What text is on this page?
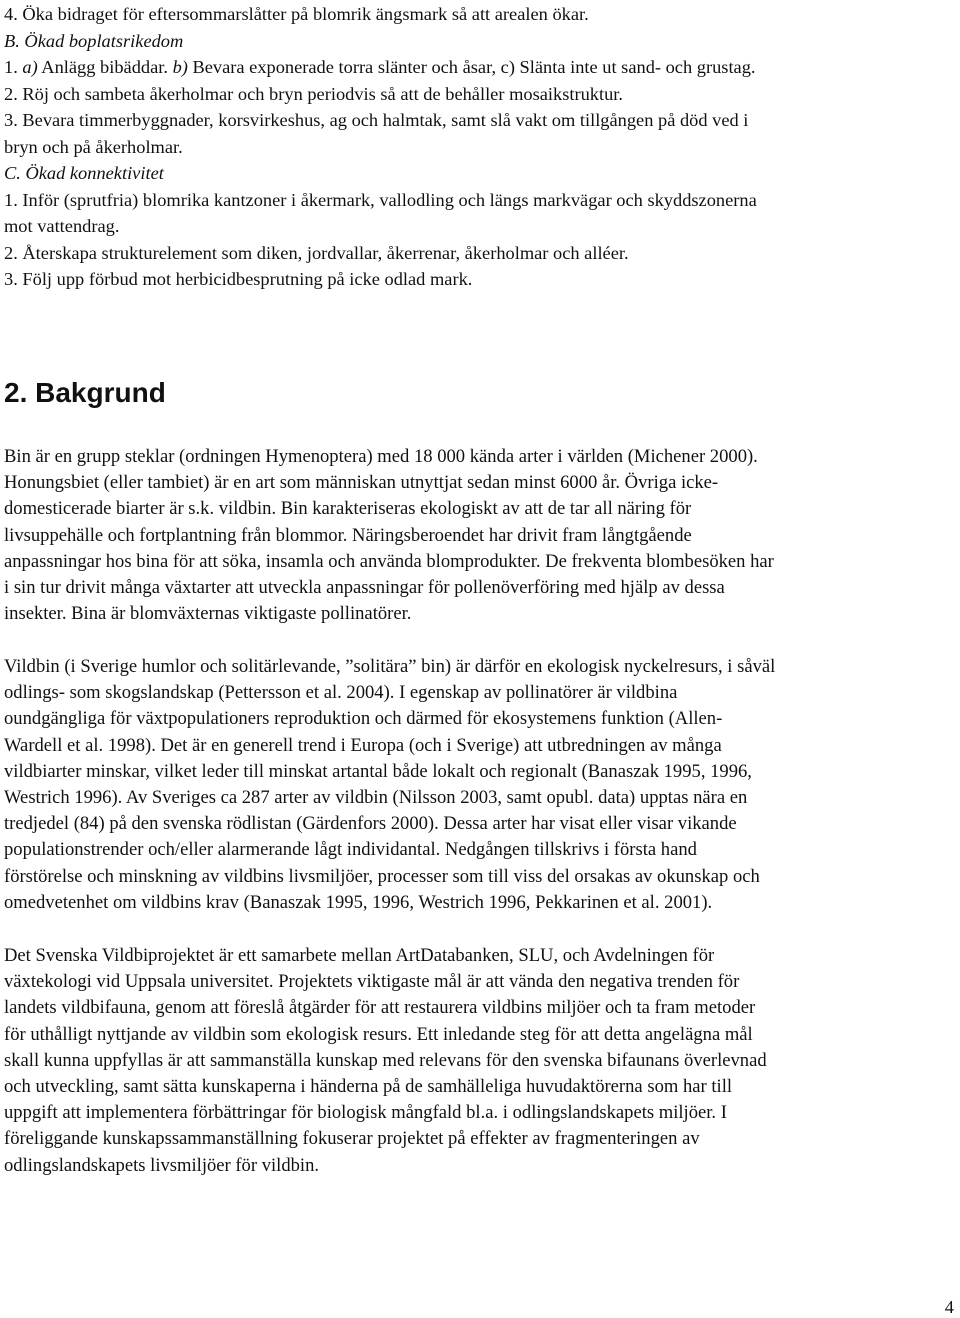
4. Öka bidraget för eftersommarslåtter på blomrik ängsmark så att arealen ökar.
B. Ökad boplatsrikedom
1. a) Anlägg bibäddar. b) Bevara exponerade torra slänter och åsar, c) Slänta inte ut sand- och grustag.
2. Röj och sambeta åkerholmar och bryn periodvis så att de behåller mosaikstruktur.
3. Bevara timmerbyggnader, korsvirkeshus, ag och halmtak, samt slå vakt om tillgången på död ved i
bryn och på åkerholmar.
C. Ökad konnektivitet
1. Inför (sprutfria) blomrika kantzoner i åkermark, vallodling och längs markvägar och skyddszonerna
mot vattendrag.
2. Återskapa strukturelement som diken, jordvallar, åkerrenar, åkerholmar och alléer.
3. Följ upp förbud mot herbicidbesprutning på icke odlad mark.
2. Bakgrund
Bin är en grupp steklar (ordningen Hymenoptera) med 18 000 kända arter i världen (Michener 2000).
Honungsbiet (eller tambiet) är en art som människan utnyttjat sedan minst 6000 år. Övriga icke-
domesticerade biarter är s.k. vildbin. Bin karakteriseras ekologiskt av att de tar all näring för
livsuppehälle och fortplantning från blommor. Näringsberoendet har drivit fram långtgående
anpassningar hos bina för att söka, insamla och använda blomprodukter. De frekventa blombesöken har
i sin tur drivit många växtarter att utveckla anpassningar för pollenöverföring med hjälp av dessa
insekter. Bina är blomväxternas viktigaste pollinatörer.
Vildbin (i Sverige humlor och solitärlevande, ”solitära” bin) är därför en ekologisk nyckelresurs, i såväl
odlings- som skogslandskap (Pettersson et al. 2004). I egenskap av pollinatörer är vildbina
oundgängliga för växtpopulationers reproduktion och därmed för ekosystemens funktion (Allen-
Wardell et al. 1998). Det är en generell trend i Europa (och i Sverige) att utbredningen av många
vildbiarter minskar, vilket leder till minskat artantal både lokalt och regionalt (Banaszak 1995, 1996,
Westrich 1996). Av Sveriges ca 287 arter av vildbin (Nilsson 2003, samt opubl. data) upptas nära en
tredjedel (84) på den svenska rödlistan (Gärdenfors 2000). Dessa arter har visat eller visar vikande
populationstrender och/eller alarmerande lågt individantal. Nedgången tillskrivs i första hand
förstörelse och minskning av vildbins livsmiljöer, processer som till viss del orsakas av okunskap och
omedvetenhet om vildbins krav (Banaszak 1995, 1996, Westrich 1996, Pekkarinen et al. 2001).
Det Svenska Vildbiprojektet är ett samarbete mellan ArtDatabanken, SLU, och Avdelningen för
växtekologi vid Uppsala universitet. Projektets viktigaste mål är att vända den negativa trenden för
landets vildbifauna, genom att föreslå åtgärder för att restaurera vildbins miljöer och ta fram metoder
för uthålligt nyttjande av vildbin som ekologisk resurs. Ett inledande steg för att detta angelägna mål
skall kunna uppfyllas är att sammanställa kunskap med relevans för den svenska bifaunans överlevnad
och utveckling, samt sätta kunskaperna i händerna på de samhälleliga huvudaktörerna som har till
uppgift att implementera förbättringar för biologisk mångfald bl.a. i odlingslandskapets miljöer. I
föreliggande kunskapssammanställning fokuserar projektet på effekter av fragmenteringen av
odlingslandskapets livsmiljöer för vildbin.
4
